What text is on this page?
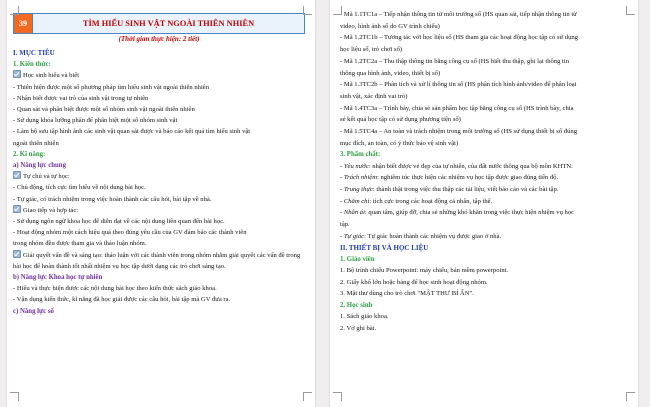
39	TÌM HIỂU SINH VẬT NGOÀI THIÊN NHIÊN
(Thời gian thực hiện: 2 tiết)
I. MỤC TIÊU
1. Kiến thức:
Học sinh hiểu và biết
- Thiên hiện được một số phương pháp tìm hiểu sinh vật ngoài thiên nhiên
- Nhận biết được vai trò của sinh vật trong tự nhiên
- Quan sát và phân biệt được một số nhóm sinh vật ngoài thiên nhiên
- Sử dụng khóa lưỡng phân để phân biệt một số nhóm sinh vật
- Làm bộ sưu tập hình ảnh các sinh vật quan sát được và báo cáo kết quả tìm hiểu sinh vật
ngoài thiên nhiên
2. Kĩ năng:
a) Năng lực chung
Tự chủ và tự học:
- Chủ động, tích cực tìm hiểu về nội dung bài học.
- Tự giác, có trách nhiệm trong việc hoàn thành các câu hỏi, bài tập về nhà.
Giao tiếp và hợp tác:
- Sử dụng ngôn ngữ khoa học để diễn đạt về các nội dung liên quan đến bài học.
- Hoạt động nhóm một cách hiệu quả theo đúng yêu cầu của GV đảm bảo các thành viên
trong nhóm đều được tham gia và thảo luận nhóm.
Giải quyết vấn đề và sáng tạo: thảo luận với các thành viên trong nhóm nhằm giải quyết các vấn đề trong bài học để hoàn thành tốt nhất nhiệm vụ học tập dưới dạng các trò chơi sáng tạo.
b) Năng lực Khoa học tự nhiên
- Hiểu và thực hiện được các nội dung bài học theo kiến thức sách giáo khoa.
- Vận dụng kiến thức, kĩ năng đã học giải được các câu hỏi, bài tập mà GV đưa ra.
c) Năng lực số
- Mã 1.1TC1a – Tiếp nhận thông tin từ môi trường số (HS quan sát, tiếp nhận thông tin từ
video, hình ảnh số do GV trình chiếu)
- Mã 1.2TC1b – Tương tác với học liệu số (HS tham gia các hoạt động học tập có sử dụng
học liệu số, trò chơi số)
- Mã 1.2TC2a – Thu thập thông tin bằng công cụ số (HS biết thu thập, ghi lại thông tin
thông qua hình ảnh, video, thiết bị số)
- Mã 1.3TC2b – Phân tích và xử lí thông tin số (HS phân tích hình ảnh/video để phân loại
sinh vật, xác định vai trò)
- Mã 1.4TC3a – Trình bày, chia sẻ sản phẩm học tập bằng công cụ số (HS trình bày, chia
sẻ kết quả học tập có sử dụng phương tiện số)
- Mã 1.5TC4a – An toàn và trách nhiệm trong môi trường số (HS sử dụng thiết bị số đúng
mục đích, an toàn, có ý thức bảo vệ sinh vật)
3. Phẩm chất:
- Yêu nước: nhận biết được vẻ đẹp của tự nhiên, của đất nước thông qua bộ môn KHTN.
- Trách nhiệm: nghiêm túc thực hiện các nhiệm vụ học tập được giao đúng tiến độ.
- Trung thực: thành thật trong việc thu thập các tài liệu, viết báo cáo và các bài tập.
- Chăm chỉ: tích cực trong các hoạt động cá nhân, tập thể.
- Nhân ái: quan tâm, giúp đỡ, chia sẻ những khó khăn trong việc thực hiện nhiệm vụ học
tập.
- Tự giác: Tự giác hoàn thành các nhiệm vụ được giao ở nhà.
II. THIẾT BỊ VÀ HỌC LIỆU
1. Giáo viên
1. Bộ trình chiếu Powerpoint: máy chiếu, bản mềm powerpoint.
2. Giấy khổ lớn hoặc bảng để học sinh hoạt động nhóm.
3. Mật thư dùng cho trò chơi "MẬT THƯ BÍ ẨN".
2. Học sinh
1. Sách giáo khoa.
2. Vở ghi bài.
